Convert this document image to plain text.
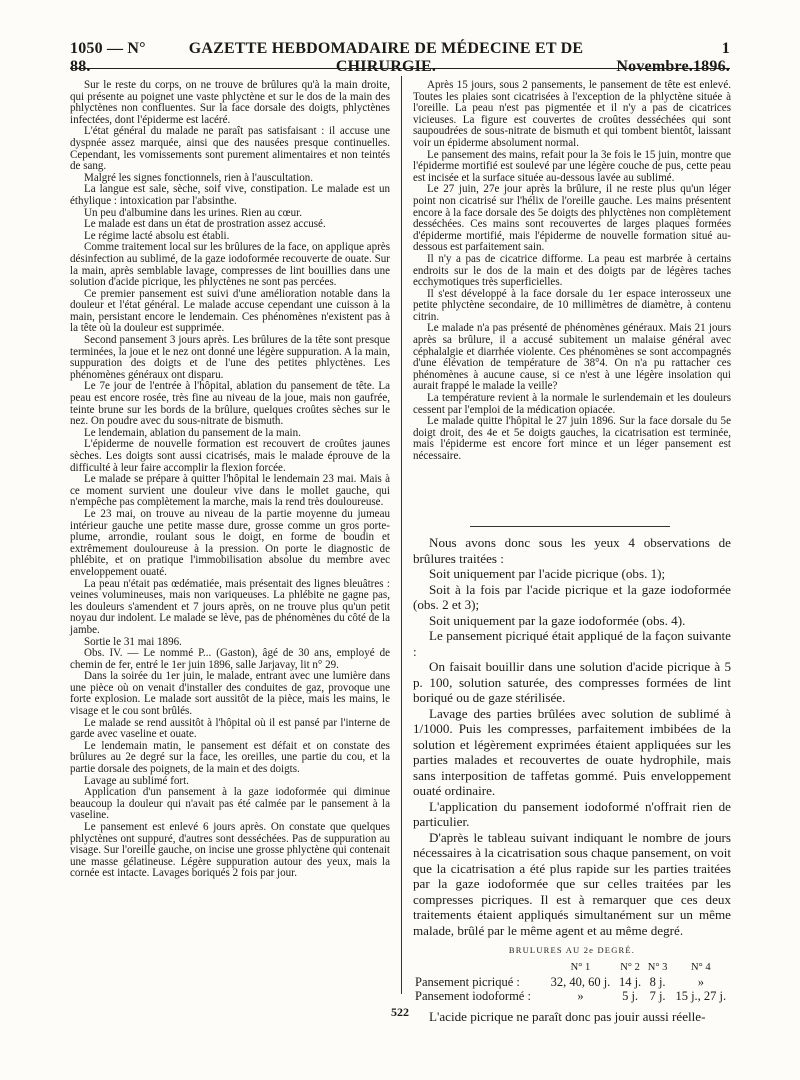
1050 — N° 88.
GAZETTE HEBDOMADAIRE DE MÉDECINE ET DE CHIRURGIE.
1 Novembre.1896.

Sur le reste du corps, on ne trouve de brûlures qu'à la main droite, qui présente au poignet une vaste phlyctène et sur le dos de la main des phlyctènes non confluentes. Sur la face dorsale des doigts, phlyctènes infectées, dont l'épiderme est lacéré.

L'état général du malade ne paraît pas satisfaisant : il accuse une dyspnée assez marquée, ainsi que des nausées presque continuelles. Cependant, les vomissements sont purement alimentaires et non teintés de sang.

Malgré les signes fonctionnels, rien à l'auscultation.

La langue est sale, sèche, soif vive, constipation. Le malade est un éthylique : intoxication par l'absinthe.

Un peu d'albumine dans les urines. Rien au cœur.

Le malade est dans un état de prostration assez accusé.

Le régime lacté absolu est établi.

Comme traitement local sur les brûlures de la face, on applique après désinfection au sublimé, de la gaze iodoformée recouverte de ouate. Sur la main, après semblable lavage, compresses de lint bouillies dans une solution d'acide picrique, les phlyctènes ne sont pas percées.

Ce premier pansement est suivi d'une amélioration notable dans la douleur et l'état général. Le malade accuse cependant une cuisson à la main, persistant encore le lendemain. Ces phénomènes n'existent pas à la tête où la douleur est supprimée.

Second pansement 3 jours après. Les brûlures de la tête sont presque terminées, la joue et le nez ont donné une légère suppuration. A la main, suppuration des doigts et de l'une des petites phlyctènes. Les phénomènes généraux ont disparu.

Le 7e jour de l'entrée à l'hôpital, ablation du pansement de tête. La peau est encore rosée, très fine au niveau de la joue, mais non gaufrée, teinte brune sur les bords de la brûlure, quelques croûtes sèches sur le nez. On poudre avec du sous-nitrate de bismuth.

Le lendemain, ablation du pansement de la main.

L'épiderme de nouvelle formation est recouvert de croûtes jaunes sèches. Les doigts sont aussi cicatrisés, mais le malade éprouve de la difficulté à leur faire accomplir la flexion forcée.

Le malade se prépare à quitter l'hôpital le lendemain 23 mai. Mais à ce moment survient une douleur vive dans le mollet gauche, qui n'empêche pas complètement la marche, mais la rend très douloureuse.

Le 23 mai, on trouve au niveau de la partie moyenne du jumeau intérieur gauche une petite masse dure, grosse comme un gros porte-plume, arrondie, roulant sous le doigt, en forme de boudin et extrêmement douloureuse à la pression. On porte le diagnostic de phlébite, et on pratique l'immobilisation absolue du membre avec enveloppement ouaté.

La peau n'était pas œdématiée, mais présentait des lignes bleuâtres : veines volumineuses, mais non variqueuses. La phlébite ne gagne pas, les douleurs s'amendent et 7 jours après, on ne trouve plus qu'un petit noyau dur indolent. Le malade se lève, pas de phénomènes du côté de la jambe.

Sortie le 31 mai 1896.

Obs. IV. — Le nommé P... (Gaston), âgé de 30 ans, employé de chemin de fer, entré le 1er juin 1896, salle Jarjavay, lit n° 29.

Dans la soirée du 1er juin, le malade, entrant avec une lumière dans une pièce où on venait d'installer des conduites de gaz, provoque une forte explosion. Le malade sort aussitôt de la pièce, mais les mains, le visage et le cou sont brûlés.

Le malade se rend aussitôt à l'hôpital où il est pansé par l'interne de garde avec vaseline et ouate.

Le lendemain matin, le pansement est défait et on constate des brûlures au 2e degré sur la face, les oreilles, une partie du cou, et la partie dorsale des poignets, de la main et des doigts.

Lavage au sublimé fort.

Application d'un pansement à la gaze iodoformée qui diminue beaucoup la douleur qui n'avait pas été calmée par le pansement à la vaseline.

Le pansement est enlevé 6 jours après. On constate que quelques phlyctènes ont suppuré, d'autres sont desséchées. Pas de suppuration au visage. Sur l'oreille gauche, on incise une grosse phlyctène qui contenait une masse gélatineuse. Légère suppuration autour des yeux, mais la cornée est intacte. Lavages boriqués 2 fois par jour.

Après 15 jours, sous 2 pansements, le pansement de tête est enlevé. Toutes les plaies sont cicatrisées à l'exception de la phlyctène située à l'oreille. La peau n'est pas pigmentée et il n'y a pas de cicatrices vicieuses. La figure est couvertes de croûtes desséchées qui sont saupoudrées de sous-nitrate de bismuth et qui tombent bientôt, laissant voir un épiderme absolument normal.

Le pansement des mains, refait pour la 3e fois le 15 juin, montre que l'épiderme mortifié est soulevé par une légère couche de pus, cette peau est incisée et la surface située au-dessous lavée au sublimé.

Le 27 juin, 27e jour après la brûlure, il ne reste plus qu'un léger point non cicatrisé sur l'hélix de l'oreille gauche. Les mains présentent encore à la face dorsale des 5e doigts des phlyctènes non complètement desséchées. Ces mains sont recouvertes de larges plaques formées d'épiderme mortifié, mais l'épiderme de nouvelle formation situé au-dessous est parfaitement sain.

Il n'y a pas de cicatrice difforme. La peau est marbrée à certains endroits sur le dos de la main et des doigts par de légères taches ecchymotiques très superficielles.

Il s'est développé à la face dorsale du 1er espace interosseux une petite phlyctène secondaire, de 10 millimètres de diamètre, à contenu citrin.

Le malade n'a pas présenté de phénomènes généraux. Mais 21 jours après sa brûlure, il a accusé subitement un malaise général avec céphalalgie et diarrhée violente. Ces phénomènes se sont accompagnés d'une élévation de température de 38°4. On n'a pu rattacher ces phénomènes à aucune cause, si ce n'est à une légère insolation qui aurait frappé le malade la veille?

La température revient à la normale le surlendemain et les douleurs cessent par l'emploi de la médication opiacée.

Le malade quitte l'hôpital le 27 juin 1896. Sur la face dorsale du 5e doigt droit, des 4e et 5e doigts gauches, la cicatrisation est terminée, mais l'épiderme est encore fort mince et un léger pansement est nécessaire.

Nous avons donc sous les yeux 4 observations de brûlures traitées :

Soit uniquement par l'acide picrique (obs. 1);

Soit à la fois par l'acide picrique et la gaze iodoformée (obs. 2 et 3);

Soit uniquement par la gaze iodoformée (obs. 4).

Le pansement picriqué était appliqué de la façon suivante :

On faisait bouillir dans une solution d'acide picrique à 5 p. 100, solution saturée, des compresses formées de lint boriqué ou de gaze stérilisée.

Lavage des parties brûlées avec solution de sublimé à 1/1000. Puis les compresses, parfaitement imbibées de la solution et légèrement exprimées étaient appliquées sur les parties malades et recouvertes de ouate hydrophile, mais sans interposition de taffetas gommé. Puis enveloppement ouaté ordinaire.

L'application du pansement iodoformé n'offrait rien de particulier.

D'après le tableau suivant indiquant le nombre de jours nécessaires à la cicatrisation sous chaque pansement, on voit que la cicatrisation a été plus rapide sur les parties traitées par la gaze iodoformée que sur celles traitées par les compresses picriques. Il est à remarquer que ces deux traitements étaient appliqués simultanément sur un même malade, brûlé par le même agent et au même degré.

BRULURES AU 2e DEGRÉ.
	N° 1	N° 2	N° 3	N° 4
Pansement picriqué :	32, 40, 60 j.	14 j.	8 j.	»
Pansement iodoformé :	»	5 j.	7 j.	15 j., 27 j.

L'acide picrique ne paraît donc pas jouir aussi réelle-

522
